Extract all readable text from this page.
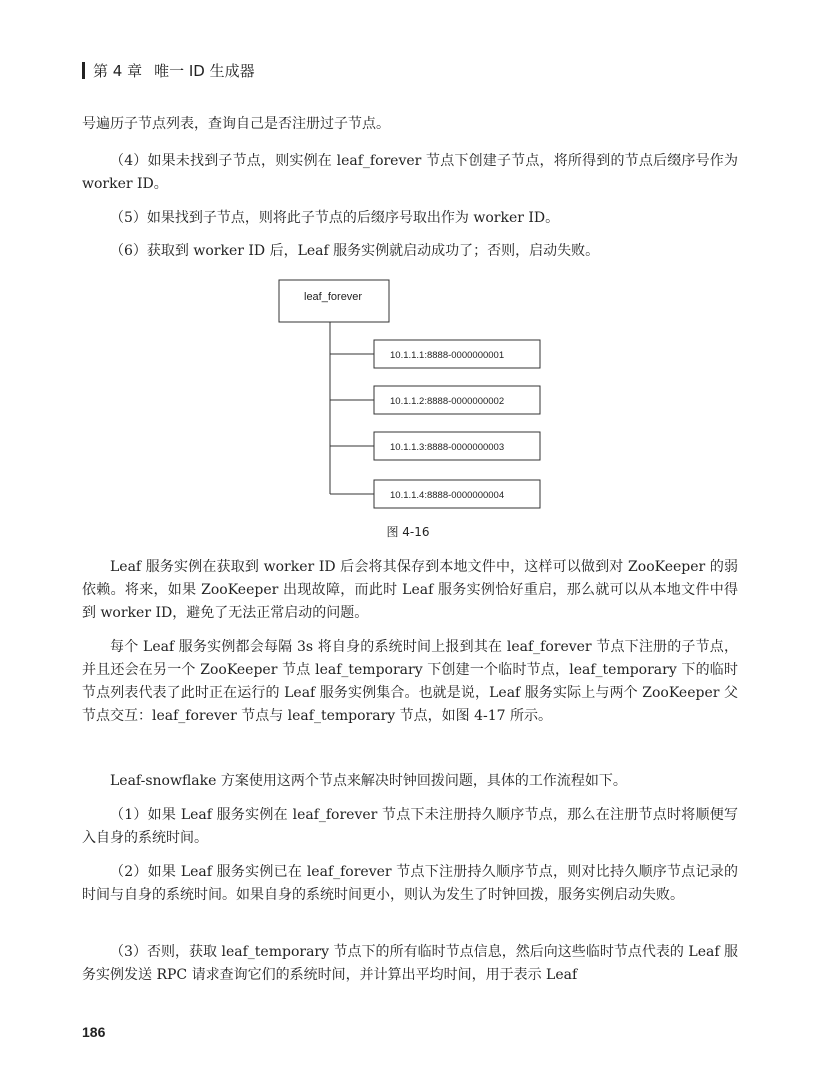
第 4 章 唯一 ID 生成器

号遍历子节点列表，查询自己是否注册过子节点。

（4）如果未找到子节点，则实例在 leaf_forever 节点下创建子节点，将所得到的节点后缀序号作为 worker ID。

（5）如果找到子节点，则将此子节点的后缀序号取出作为 worker ID。

（6）获取到 worker ID 后，Leaf 服务实例就启动成功了；否则，启动失败。

leaf_forever
10.1.1.1:8888-0000000001
10.1.1.2:8888-0000000002
10.1.1.3:8888-0000000003
10.1.1.4:8888-0000000004
图 4-16

Leaf 服务实例在获取到 worker ID 后会将其保存到本地文件中，这样可以做到对 ZooKeeper 的弱依赖。将来，如果 ZooKeeper 出现故障，而此时 Leaf 服务实例恰好重启，那么就可以从本地文件中得到 worker ID，避免了无法正常启动的问题。

每个 Leaf 服务实例都会每隔 3s 将自身的系统时间上报到其在 leaf_forever 节点下注册的子节点，并且还会在另一个 ZooKeeper 节点 leaf_temporary 下创建一个临时节点，leaf_temporary 下的临时节点列表代表了此时正在运行的 Leaf 服务实例集合。也就是说，Leaf 服务实际上与两个 ZooKeeper 父节点交互：leaf_forever 节点与 leaf_temporary 节点，如图 4-17 所示。

Leaf-snowflake 方案使用这两个节点来解决时钟回拨问题，具体的工作流程如下。

（1）如果 Leaf 服务实例在 leaf_forever 节点下未注册持久顺序节点，那么在注册节点时将顺便写入自身的系统时间。

（2）如果 Leaf 服务实例已在 leaf_forever 节点下注册持久顺序节点，则对比持久顺序节点记录的时间与自身的系统时间。如果自身的系统时间更小，则认为发生了时钟回拨，服务实例启动失败。

（3）否则，获取 leaf_temporary 节点下的所有临时节点信息，然后向这些临时节点代表的 Leaf 服务实例发送 RPC 请求查询它们的系统时间，并计算出平均时间，用于表示 Leaf

186
